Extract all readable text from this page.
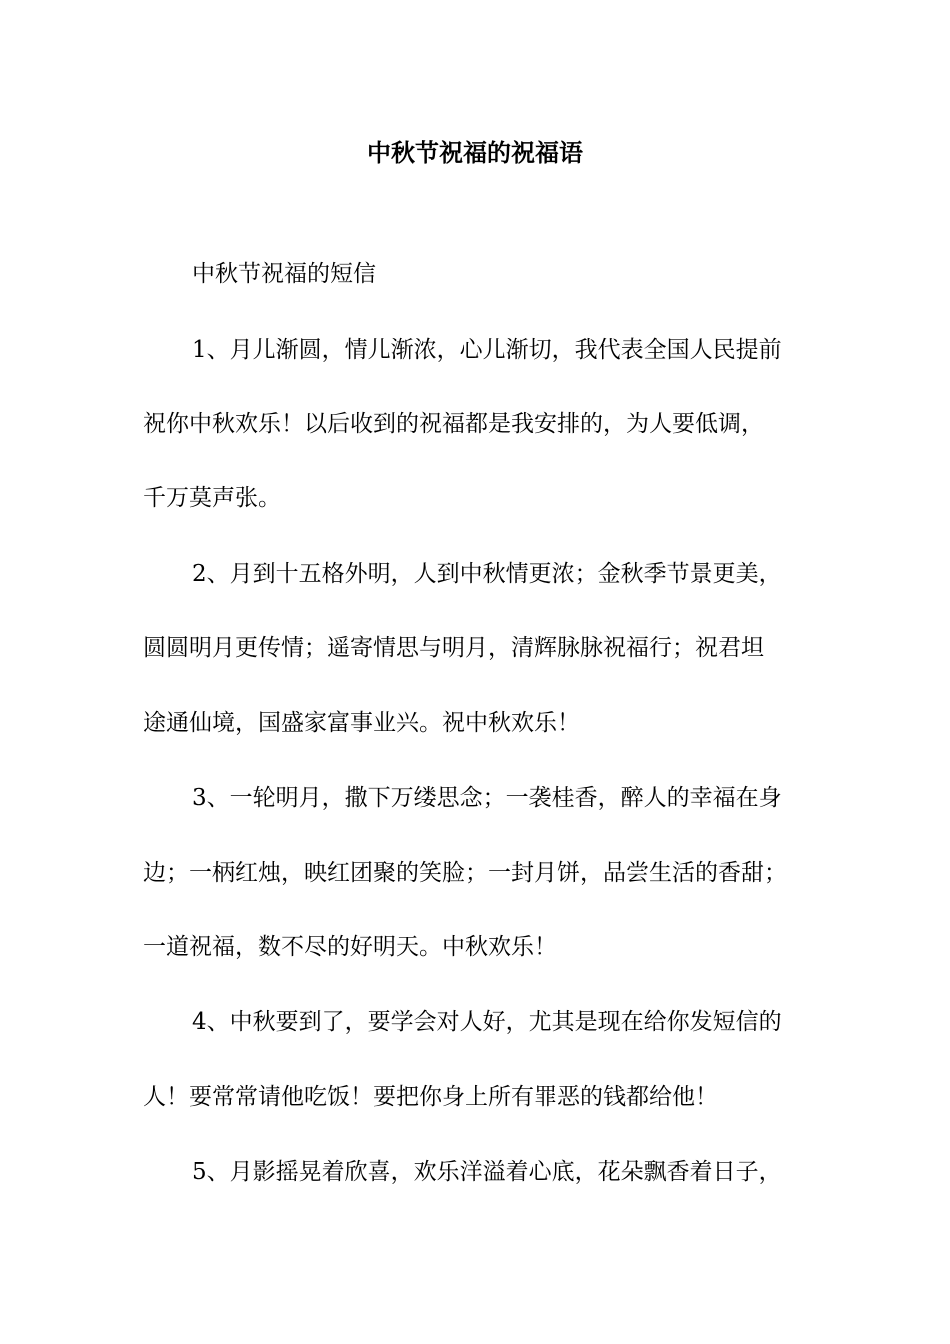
中秋节祝福的祝福语

中秋节祝福的短信

1、月儿渐圆，情儿渐浓，心儿渐切，我代表全国人民提前

祝你中秋欢乐！以后收到的祝福都是我安排的，为人要低调，

千万莫声张。

2、月到十五格外明，人到中秋情更浓；金秋季节景更美，

圆圆明月更传情；遥寄情思与明月，清辉脉脉祝福行；祝君坦

途通仙境，国盛家富事业兴。祝中秋欢乐！

3、一轮明月，撒下万缕思念；一袭桂香，醉人的幸福在身

边；一柄红烛，映红团聚的笑脸；一封月饼，品尝生活的香甜；

一道祝福，数不尽的好明天。中秋欢乐！

4、中秋要到了，要学会对人好，尤其是现在给你发短信的

人！要常常请他吃饭！要把你身上所有罪恶的钱都给他！

5、月影摇晃着欣喜，欢乐洋溢着心底，花朵飘香着日子，
